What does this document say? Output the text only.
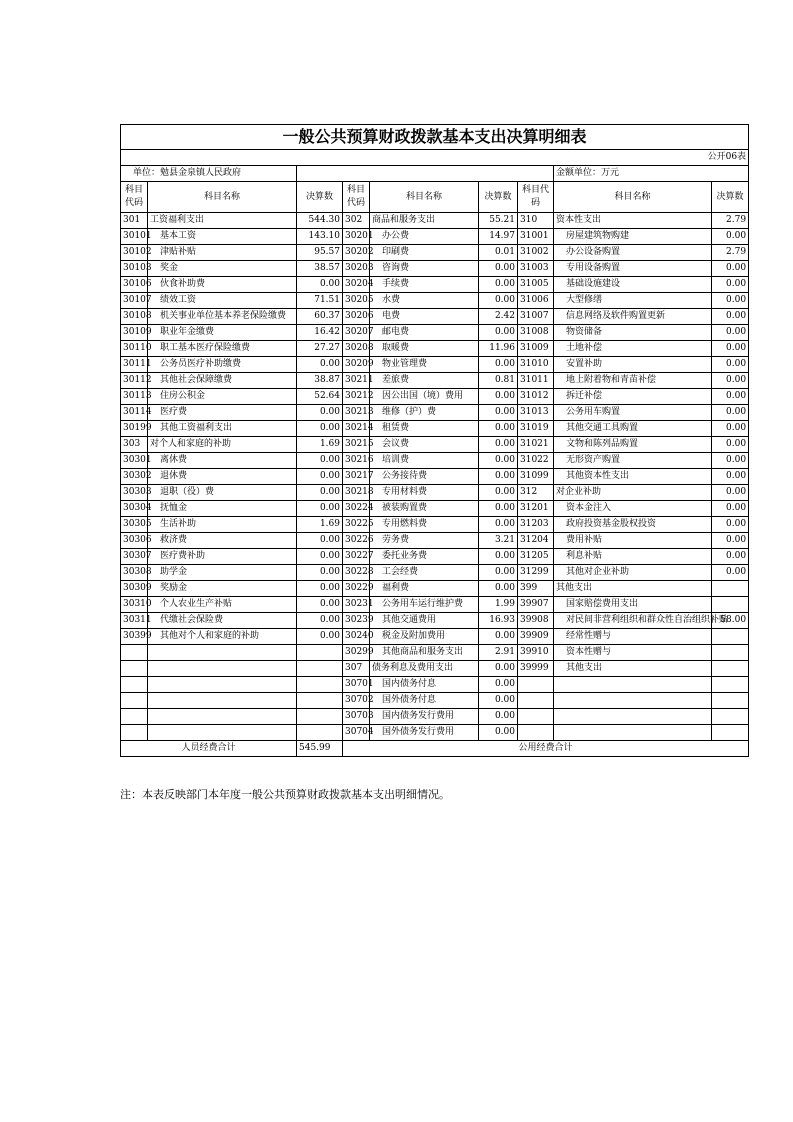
一般公共预算财政拨款基本支出决算明细表								
公开06表								
单位：勉县金泉镇人民政府							金额单位：万元	
科目代码	科目名称	决算数	科目代码	科目名称	决算数	科目代码	科目名称	决算数
301	工资福利支出	544.30	302	商品和服务支出	55.21	310	资本性支出	2.79
30101	基本工资	143.10	30201	办公费	14.97	31001	房屋建筑物购建	0.00
30102	津贴补贴	95.57	30202	印刷费	0.01	31002	办公设备购置	2.79
30103	奖金	38.57	30203	咨询费	0.00	31003	专用设备购置	0.00
30106	伙食补助费	0.00	30204	手续费	0.00	31005	基础设施建设	0.00
30107	绩效工资	71.51	30205	水费	0.00	31006	大型修缮	0.00
30108	机关事业单位基本养老保险缴费	60.37	30206	电费	2.42	31007	信息网络及软件购置更新	0.00
30109	职业年金缴费	16.42	30207	邮电费	0.00	31008	物资储备	0.00
30110	职工基本医疗保险缴费	27.27	30208	取暖费	11.96	31009	土地补偿	0.00
30111	公务员医疗补助缴费	0.00	30209	物业管理费	0.00	31010	安置补助	0.00
30112	其他社会保障缴费	38.87	30211	差旅费	0.81	31011	地上附着物和青苗补偿	0.00
30113	住房公积金	52.64	30212	因公出国（境）费用	0.00	31012	拆迁补偿	0.00
30114	医疗费	0.00	30213	维修（护）费	0.00	31013	公务用车购置	0.00
30199	其他工资福利支出	0.00	30214	租赁费	0.00	31019	其他交通工具购置	0.00
303	对个人和家庭的补助	1.69	30215	会议费	0.00	31021	文物和陈列品购置	0.00
30301	离休费	0.00	30216	培训费	0.00	31022	无形资产购置	0.00
30302	退休费	0.00	30217	公务接待费	0.00	31099	其他资本性支出	0.00
30303	退职（役）费	0.00	30218	专用材料费	0.00	312	对企业补助	0.00
30304	抚恤金	0.00	30224	被装购置费	0.00	31201	资本金注入	0.00
30305	生活补助	1.69	30225	专用燃料费	0.00	31203	政府投资基金股权投资	0.00
30306	救济费	0.00	30226	劳务费	3.21	31204	费用补贴	0.00
30307	医疗费补助	0.00	30227	委托业务费	0.00	31205	利息补贴	0.00
30308	助学金	0.00	30228	工会经费	0.00	31299	其他对企业补助	0.00
30309	奖励金	0.00	30229	福利费	0.00	399	其他支出	
30310	个人农业生产补贴	0.00	30231	公务用车运行维护费	1.99	39907	国家赔偿费用支出	
30311	代缴社会保险费	0.00	30239	其他交通费用	16.93	39908	对民间非营利组织和群众性自治组织补贴	58.00
30399	其他对个人和家庭的补助	0.00	30240	税金及附加费用	0.00	39909	经常性赠与	
			30299	其他商品和服务支出	2.91	39910	资本性赠与	
			307	债务利息及费用支出	0.00	39999	其他支出	
			30701	国内债务付息	0.00			
			30702	国外债务付息	0.00			
			30703	国内债务发行费用	0.00			
			30704	国外债务发行费用	0.00			
人员经费合计		545.99	公用经费合计					
注：本表反映部门本年度一般公共预算财政拨款基本支出明细情况。
